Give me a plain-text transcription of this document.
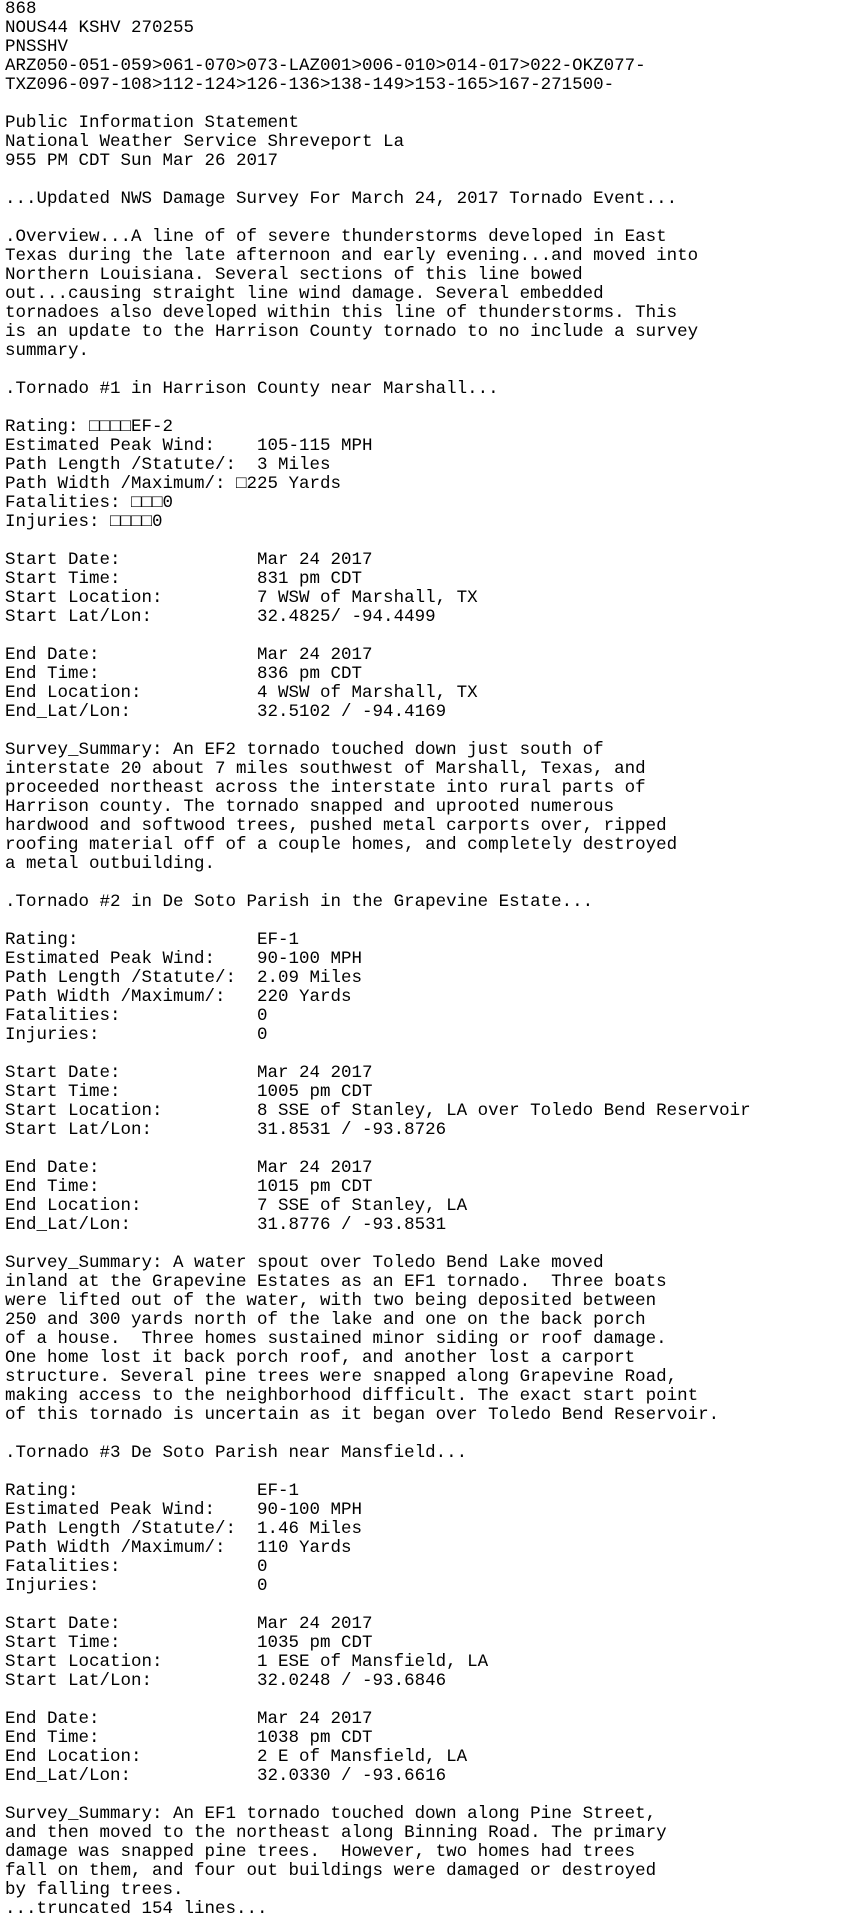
868
NOUS44 KSHV 270255
PNSSHV
ARZ050-051-059>061-070>073-LAZ001>006-010>014-017>022-OKZ077-
TXZ096-097-108>112-124>126-136>138-149>153-165>167-271500-
Public Information Statement
National Weather Service Shreveport La
955 PM CDT Sun Mar 26 2017
...Updated NWS Damage Survey For March 24, 2017 Tornado Event...
.Overview...A line of of severe thunderstorms developed in East
Texas during the late afternoon and early evening...and moved into
Northern Louisiana. Several sections of this line bowed
out...causing straight line wind damage. Several embedded
tornadoes also developed within this line of thunderstorms. This
is an update to the Harrison County tornado to no include a survey
summary.
.Tornado #1 in Harrison County near Marshall...
Rating: □□□□EF-2
Estimated Peak Wind:    105-115 MPH
Path Length /Statute/:  3 Miles
Path Width /Maximum/: □225 Yards
Fatalities: □□□0
Injuries: □□□□0
Start Date:             Mar 24 2017
Start Time:             831 pm CDT
Start Location:         7 WSW of Marshall, TX
Start Lat/Lon:          32.4825/ -94.4499
End Date:               Mar 24 2017
End Time:               836 pm CDT
End Location:           4 WSW of Marshall, TX
End_Lat/Lon:            32.5102 / -94.4169
Survey_Summary: An EF2 tornado touched down just south of
interstate 20 about 7 miles southwest of Marshall, Texas, and
proceeded northeast across the interstate into rural parts of
Harrison county. The tornado snapped and uprooted numerous
hardwood and softwood trees, pushed metal carports over, ripped
roofing material off of a couple homes, and completely destroyed
a metal outbuilding.
.Tornado #2 in De Soto Parish in the Grapevine Estate...
Rating:                 EF-1
Estimated Peak Wind:    90-100 MPH
Path Length /Statute/:  2.09 Miles
Path Width /Maximum/:   220 Yards
Fatalities:             0
Injuries:               0
Start Date:             Mar 24 2017
Start Time:             1005 pm CDT
Start Location:         8 SSE of Stanley, LA over Toledo Bend Reservoir
Start Lat/Lon:          31.8531 / -93.8726
End Date:               Mar 24 2017
End Time:               1015 pm CDT
End Location:           7 SSE of Stanley, LA
End_Lat/Lon:            31.8776 / -93.8531
Survey_Summary: A water spout over Toledo Bend Lake moved
inland at the Grapevine Estates as an EF1 tornado.  Three boats
were lifted out of the water, with two being deposited between
250 and 300 yards north of the lake and one on the back porch
of a house.  Three homes sustained minor siding or roof damage.
One home lost it back porch roof, and another lost a carport
structure. Several pine trees were snapped along Grapevine Road,
making access to the neighborhood difficult. The exact start point
of this tornado is uncertain as it began over Toledo Bend Reservoir.
.Tornado #3 De Soto Parish near Mansfield...
Rating:                 EF-1
Estimated Peak Wind:    90-100 MPH
Path Length /Statute/:  1.46 Miles
Path Width /Maximum/:   110 Yards
Fatalities:             0
Injuries:               0
Start Date:             Mar 24 2017
Start Time:             1035 pm CDT
Start Location:         1 ESE of Mansfield, LA
Start Lat/Lon:          32.0248 / -93.6846
End Date:               Mar 24 2017
End Time:               1038 pm CDT
End Location:           2 E of Mansfield, LA
End_Lat/Lon:            32.0330 / -93.6616
Survey_Summary: An EF1 tornado touched down along Pine Street,
and then moved to the northeast along Binning Road. The primary
damage was snapped pine trees.  However, two homes had trees
fall on them, and four out buildings were damaged or destroyed
by falling trees.
...truncated 154 lines...
